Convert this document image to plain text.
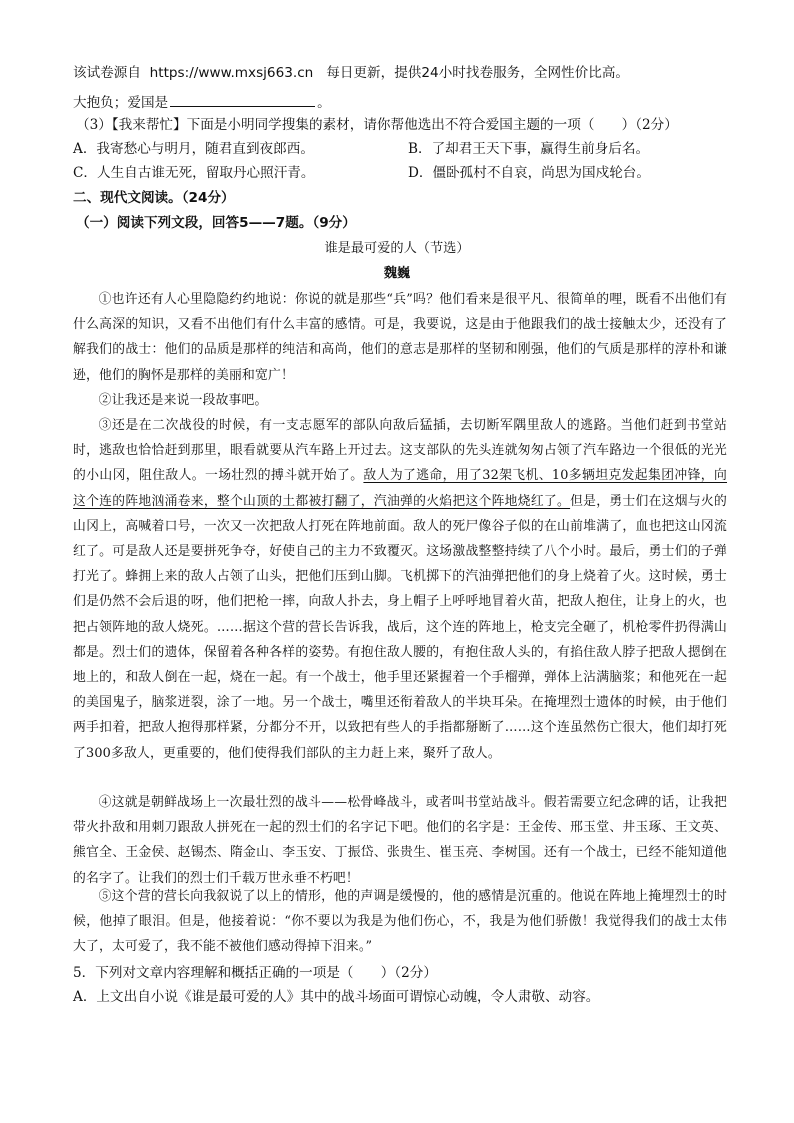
该试卷源自 https://www.mxsj663.cn 每日更新，提供24小时找卷服务，全网性价比高。
大抱负；爱国是	。
（3）【我来帮忙】下面是小明同学搜集的素材，请你帮他选出不符合爱国主题的一项（　　）（2分）
A．我寄愁心与明月，随君直到夜郎西。	B．了却君王天下事，赢得生前身后名。
C．人生自古谁无死，留取丹心照汗青。	D．僵卧孤村不自哀，尚思为国戍轮台。
二、现代文阅读。（24分）
（一）阅读下列文段，回答5——7题。（9分）
谁是最可爱的人（节选）
魏巍
①也许还有人心里隐隐约约地说：你说的就是那些“兵”吗？他们看来是很平凡、很简单的哩，既看不出他们有什么高深的知识，又看不出他们有什么丰富的感情。可是，我要说，这是由于他跟我们的战士接触太少，还没有了解我们的战士：他们的品质是那样的纯洁和高尚，他们的意志是那样的坚韧和刚强，他们的气质是那样的淳朴和谦逊，他们的胸怀是那样的美丽和宽广！
②让我还是来说一段故事吧。
③还是在二次战役的时候，有一支志愿军的部队向敌后猛插，去切断军隅里敌人的逃路。当他们赶到书堂站时，逃敌也恰恰赶到那里，眼看就要从汽车路上开过去。这支部队的先头连就匆匆占领了汽车路边一个很低的光光的小山冈，阻住敌人。一场壮烈的搏斗就开始了。敌人为了逃命，用了32架飞机、10多辆坦克发起集团冲锋，向这个连的阵地汹涌卷来，整个山顶的土都被打翻了，汽油弹的火焰把这个阵地烧红了。但是，勇士们在这烟与火的山冈上，高喊着口号，一次又一次把敌人打死在阵地前面。敌人的死尸像谷子似的在山前堆满了，血也把这山冈流红了。可是敌人还是要拼死争夺，好使自己的主力不致覆灭。这场激战整整持续了八个小时。最后，勇士们的子弹打光了。蜂拥上来的敌人占领了山头，把他们压到山脚。飞机掷下的汽油弹把他们的身上烧着了火。这时候，勇士们是仍然不会后退的呀，他们把枪一摔，向敌人扑去，身上帽子上呼呼地冒着火苗，把敌人抱住，让身上的火，也把占领阵地的敌人烧死。……据这个营的营长告诉我，战后，这个连的阵地上，枪支完全砸了，机枪零件扔得满山都是。烈士们的遗体，保留着各种各样的姿势。有抱住敌人腰的，有抱住敌人头的，有掐住敌人脖子把敌人摁倒在地上的，和敌人倒在一起，烧在一起。有一个战士，他手里还紧握着一个手榴弹，弹体上沾满脑浆；和他死在一起的美国鬼子，脑浆迸裂，涂了一地。另一个战士，嘴里还衔着敌人的半块耳朵。在掩埋烈士遗体的时候，由于他们两手扣着，把敌人抱得那样紧，分都分不开，以致把有些人的手指都掰断了……这个连虽然伤亡很大，他们却打死了300多敌人，更重要的，他们使得我们部队的主力赶上来，聚歼了敌人。
④这就是朝鲜战场上一次最壮烈的战斗——松骨峰战斗，或者叫书堂站战斗。假若需要立纪念碑的话，让我把带火扑敌和用刺刀跟敌人拼死在一起的烈士们的名字记下吧。他们的名字是：王金传、邢玉堂、井玉琢、王文英、熊官全、王金侯、赵锡杰、隋金山、李玉安、丁振岱、张贵生、崔玉亮、李树国。还有一个战士，已经不能知道他的名字了。让我们的烈士们千载万世永垂不朽吧！
⑤这个营的营长向我叙说了以上的情形，他的声调是缓慢的，他的感情是沉重的。他说在阵地上掩埋烈士的时候，他掉了眼泪。但是，他接着说：“你不要以为我是为他们伤心，不，我是为他们骄傲！我觉得我们的战士太伟大了，太可爱了，我不能不被他们感动得掉下泪来。”
5．下列对文章内容理解和概括正确的一项是（　　）（2分）
A．上文出自小说《谁是最可爱的人》其中的战斗场面可谓惊心动魄，令人肃敬、动容。
